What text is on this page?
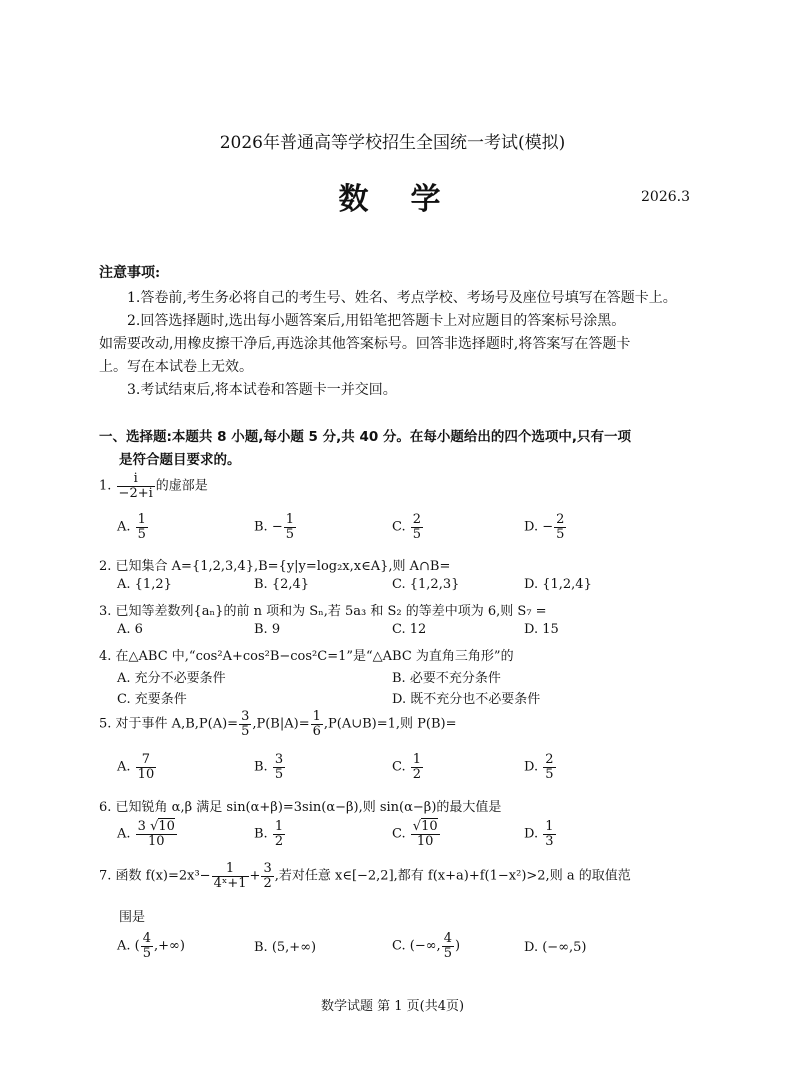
2026年普通高等学校招生全国统一考试(模拟)
数　学	2026.3
注意事项:
1.答卷前,考生务必将自己的考生号、姓名、考点学校、考场号及座位号填写在答题卡上。
2.回答选择题时,选出每小题答案后,用铅笔把答题卡上对应题目的答案标号涂黑。
如需要改动,用橡皮擦干净后,再选涂其他答案标号。回答非选择题时,将答案写在答题卡
上。写在本试卷上无效。
3.考试结束后,将本试卷和答题卡一并交回。
一、选择题:本题共 8 小题,每小题 5 分,共 40 分。在每小题给出的四个选项中,只有一项
是符合题目要求的。
1. $\frac{i}{-2+i}$ 的虚部是
A. $\frac{1}{5}$	B. − $\frac{1}{5}$	C. $\frac{2}{5}$	D. − $\frac{2}{5}$
2. 已知集合 A={1,2,3,4},B={y|y=log₂x,x∈A},则 A∩B=
A. {1,2}	B. {2,4}	C. {1,2,3}	D. {1,2,4}
3. 已知等差数列{aₙ}的前 n 项和为 Sₙ,若 5a₃ 和 S₂ 的等差中项为 6,则 S₇ =
A. 6	B. 9	C. 12	D. 15
4. 在△ABC 中,“cos²A+cos²B−cos²C=1”是“△ABC 为直角三角形”的
A. 充分不必要条件	B. 必要不充分条件
C. 充要条件	D. 既不充分也不必要条件
5. 对于事件 $A,B,P(A)= \frac{3}{5} ,P(B|A)= \frac{1}{6}$ ,P(A∪B)=1,则 P(B)=
A. $\frac{7}{10}$	B. $\frac{3}{5}$	C. $\frac{1}{2}$	D. $\frac{2}{5}$
6. 已知锐角 α,β 满足 sin(α+β)=3sin(α−β),则 sin(α−β)的最大值是
A. $\frac{3 √10}{10}$	B. $\frac{1}{2}$	C. $\frac{√10}{10}$	D. $\frac{1}{3}$
7. 函数 $f(x)=2x^3- \frac{1}{\text{4ˣ+1}} + \frac{3}{2}$ ,若对任意 x∈[−2,2],都有 f(x+a)+f(1−x²)>2,则 a 的取值范
围是
A. ( $\frac{4}{5}$ ,+∞)	B. (5,+∞)	C. (−∞, $\frac{4}{5}$ )	D. (−∞,5)
数学试题 第 1 页(共4页)
